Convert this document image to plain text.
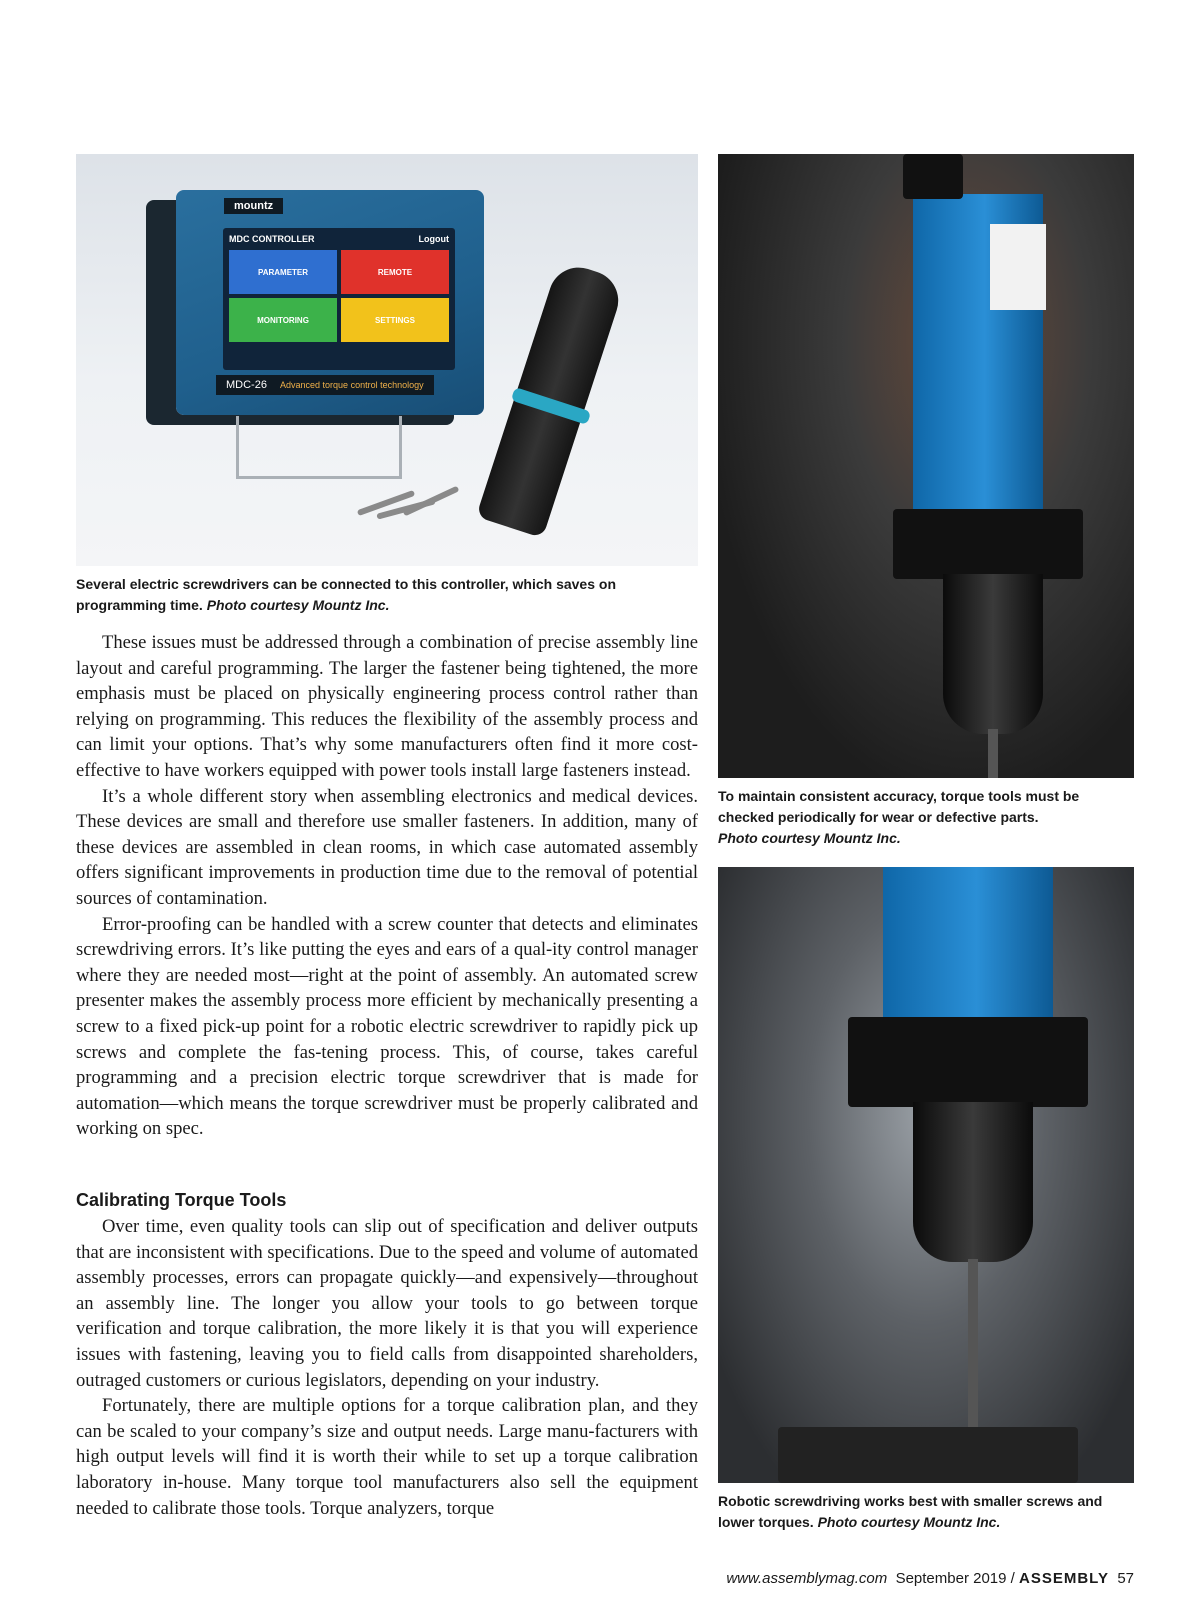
mountz
MDC CONTROLLER	Logout
PARAMETER	REMOTE
MONITORING	SETTINGS
MDC-26 Advanced torque control technology
Several electric screwdrivers can be connected to this controller, which saves on programming time. Photo courtesy Mountz Inc.
To maintain consistent accuracy, torque tools must be checked periodically for wear or defective parts.
Photo courtesy Mountz Inc.
Robotic screwdriving works best with smaller screws and lower torques. Photo courtesy Mountz Inc.

These issues must be addressed through a combination of precise assembly line layout and careful programming. The larger the fastener being tightened, the more emphasis must be placed on physically engineering process control rather than relying on programming. This reduces the flexibility of the assembly process and can limit your options. That’s why some manufacturers often find it more cost-effective to have workers equipped with power tools install large fasteners instead.

It’s a whole different story when assembling electronics and medical devices. These devices are small and therefore use smaller fasteners. In addition, many of these devices are assembled in clean rooms, in which case automated assembly offers significant improvements in production time due to the removal of potential sources of contamination.

Error-proofing can be handled with a screw counter that detects and eliminates screwdriving errors. It’s like putting the eyes and ears of a qual-ity control manager where they are needed most—right at the point of assembly. An automated screw presenter makes the assembly process more efficient by mechanically presenting a screw to a fixed pick-up point for a robotic electric screwdriver to rapidly pick up screws and complete the fas-tening process. This, of course, takes careful programming and a precision electric torque screwdriver that is made for automation—which means the torque screwdriver must be properly calibrated and working on spec.

Calibrating Torque Tools

Over time, even quality tools can slip out of specification and deliver outputs that are inconsistent with specifications. Due to the speed and volume of automated assembly processes, errors can propagate quickly—and expensively—throughout an assembly line. The longer you allow your tools to go between torque verification and torque calibration, the more likely it is that you will experience issues with fastening, leaving you to field calls from disappointed shareholders, outraged customers or curious legislators, depending on your industry.

Fortunately, there are multiple options for a torque calibration plan, and they can be scaled to your company’s size and output needs. Large manu-facturers with high output levels will find it is worth their while to set up a torque calibration laboratory in-house. Many torque tool manufacturers also sell the equipment needed to calibrate those tools. Torque analyzers, torque

www.assemblymag.com September 2019 / ASSEMBLY 57
